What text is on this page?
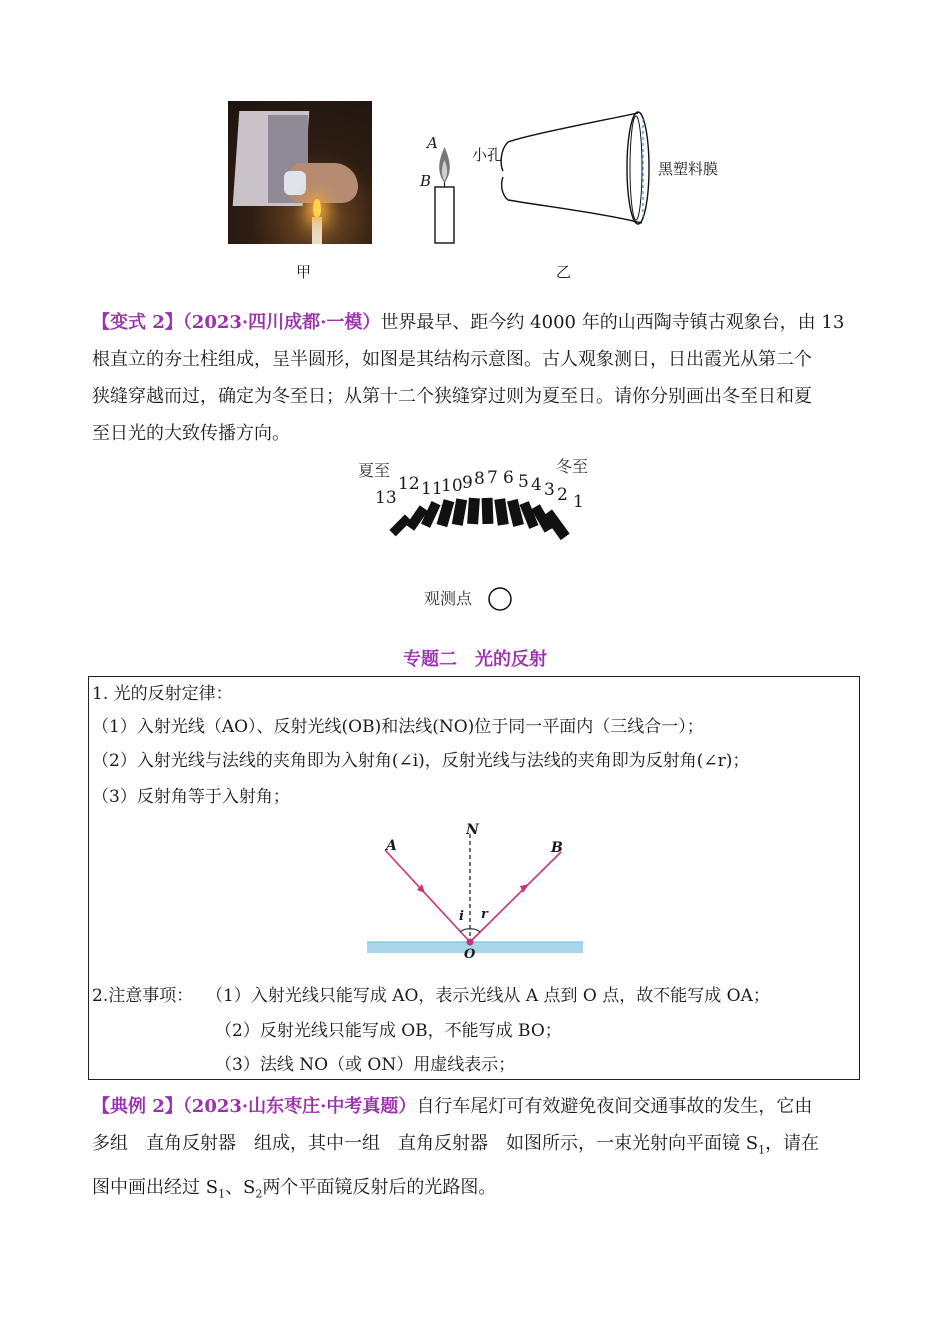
A
B
小孔
黑塑料膜
甲	乙
【变式 2】（2023·四川成都·一模）世界最早、距今约 4000 年的山西陶寺镇古观象台，由 13
根直立的夯土柱组成，呈半圆形，如图是其结构示意图。古人观象测日，日出霞光从第二个
狭缝穿越而过，确定为冬至日；从第十二个狭缝穿过则为夏至日。请你分别画出冬至日和夏
至日光的大致传播方向。
夏至	冬至
13
12 11
10 9 8 7 6 5 4 3 2 1
观测点
专题二　光的反射
1. 光的反射定律：
（1）入射光线（AO）、反射光线(OB)和法线(NO)位于同一平面内（三线合一）；
（2）入射光线与法线的夹角即为入射角(∠i)，反射光线与法线的夹角即为反射角(∠r)；
（3）反射角等于入射角；
N
A	B
i r
O
2.注意事项： （1）入射光线只能写成 AO，表示光线从 A 点到 O 点，故不能写成 OA；
（2）反射光线只能写成 OB，不能写成 BO；
（3）法线 NO（或 ON）用虚线表示；
【典例 2】（2023·山东枣庄·中考真题）自行车尾灯可有效避免夜间交通事故的发生，它由
多组　直角反射器　组成，其中一组　直角反射器　如图所示，一束光射向平面镜 $S_1$，请在
图中画出经过 $S_1$、$S_2$两个平面镜反射后的光路图。
